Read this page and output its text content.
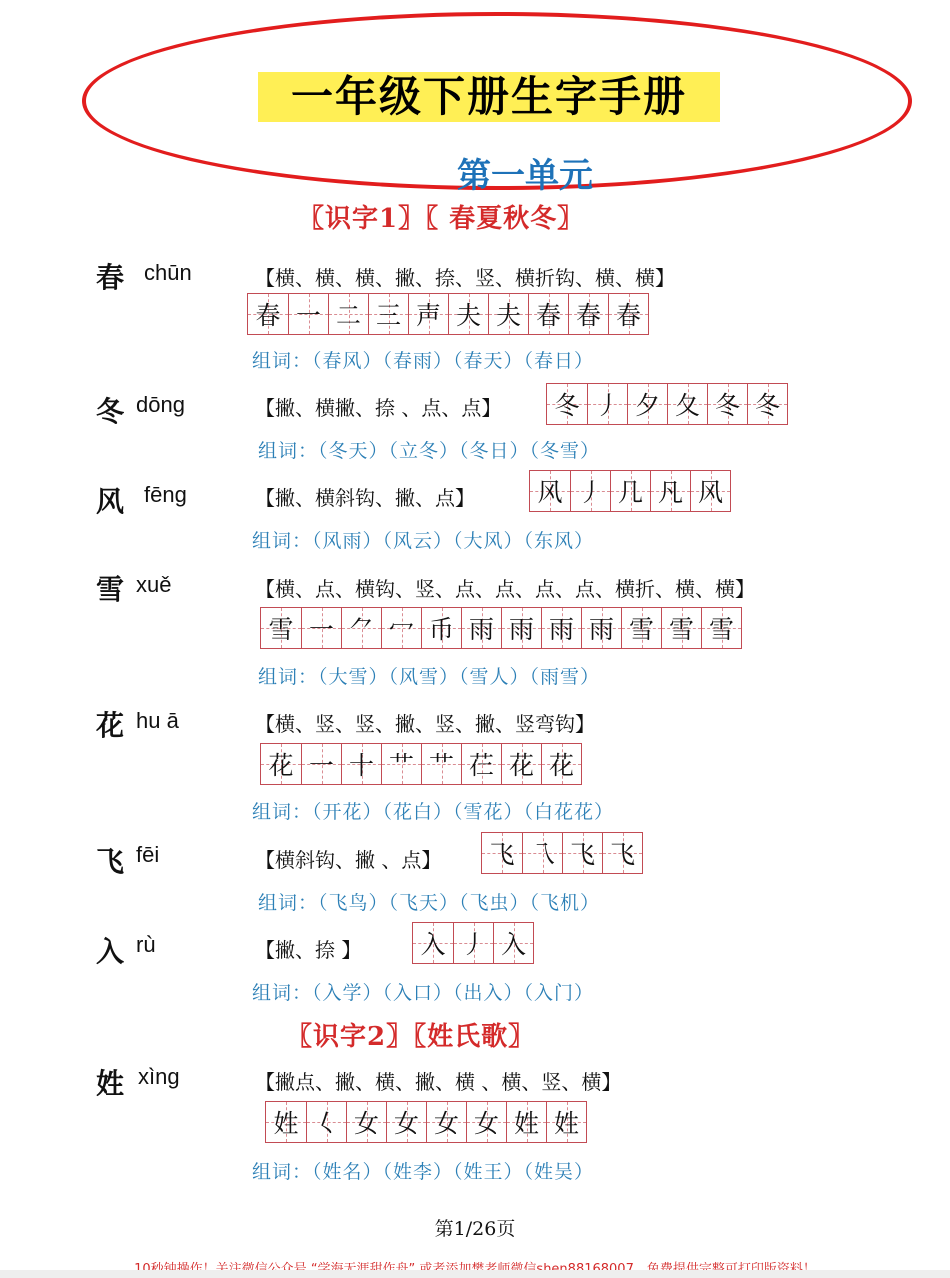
一年级下册生字手册
第一单元
〖识字1〗〖 春夏秋冬〗
春 chūn	【横、横、横、撇、捺、竖、横折钩、横、横】
春 一 二 三 声 夫 夫 春 春 春
组词：（春风）（春雨）（春天）（春日）
冬 dōng	【撇、横撇、捺 、点、点】 冬 丿 夕 夂 冬 冬
组词：（冬天）（立冬）（冬日）（冬雪）
风 fēng	【撇、横斜钩、撇、点】 风 丿 几 凡 风
组词：（风雨）（风云）（大风）（东风）
雪 xuě	【横、点、横钩、竖、点、点、点、点、横折、横、横】
雪 一 ⺈ 冖 币 雨 雨 雨 雨 雪 雪 雪
组词：（大雪）（风雪）（雪人）（雨雪）
花 hu ā	【横、竖、竖、撇、竖、撇、竖弯钩】
花 一 十 艹 艹 芢 花 花
组词：（开花）（花白）（雪花）（白花花）
飞 fēi	【横斜钩、撇 、点】 飞 乁 飞 飞
组词：（飞鸟）（飞天）（飞虫）（飞机）
入 rù	【撇、捺 】 入 丿 入
组词：（入学）（入口）（出入）（入门）
〖识字2〗〖姓氏歌〗
姓 xìng	【撇点、撇、横、撇、横 、横、竖、横】
姓 𡿨 女 女 女 女 姓 姓
组词：（姓名）（姓李）（姓王）（姓吴）
第1/26页
